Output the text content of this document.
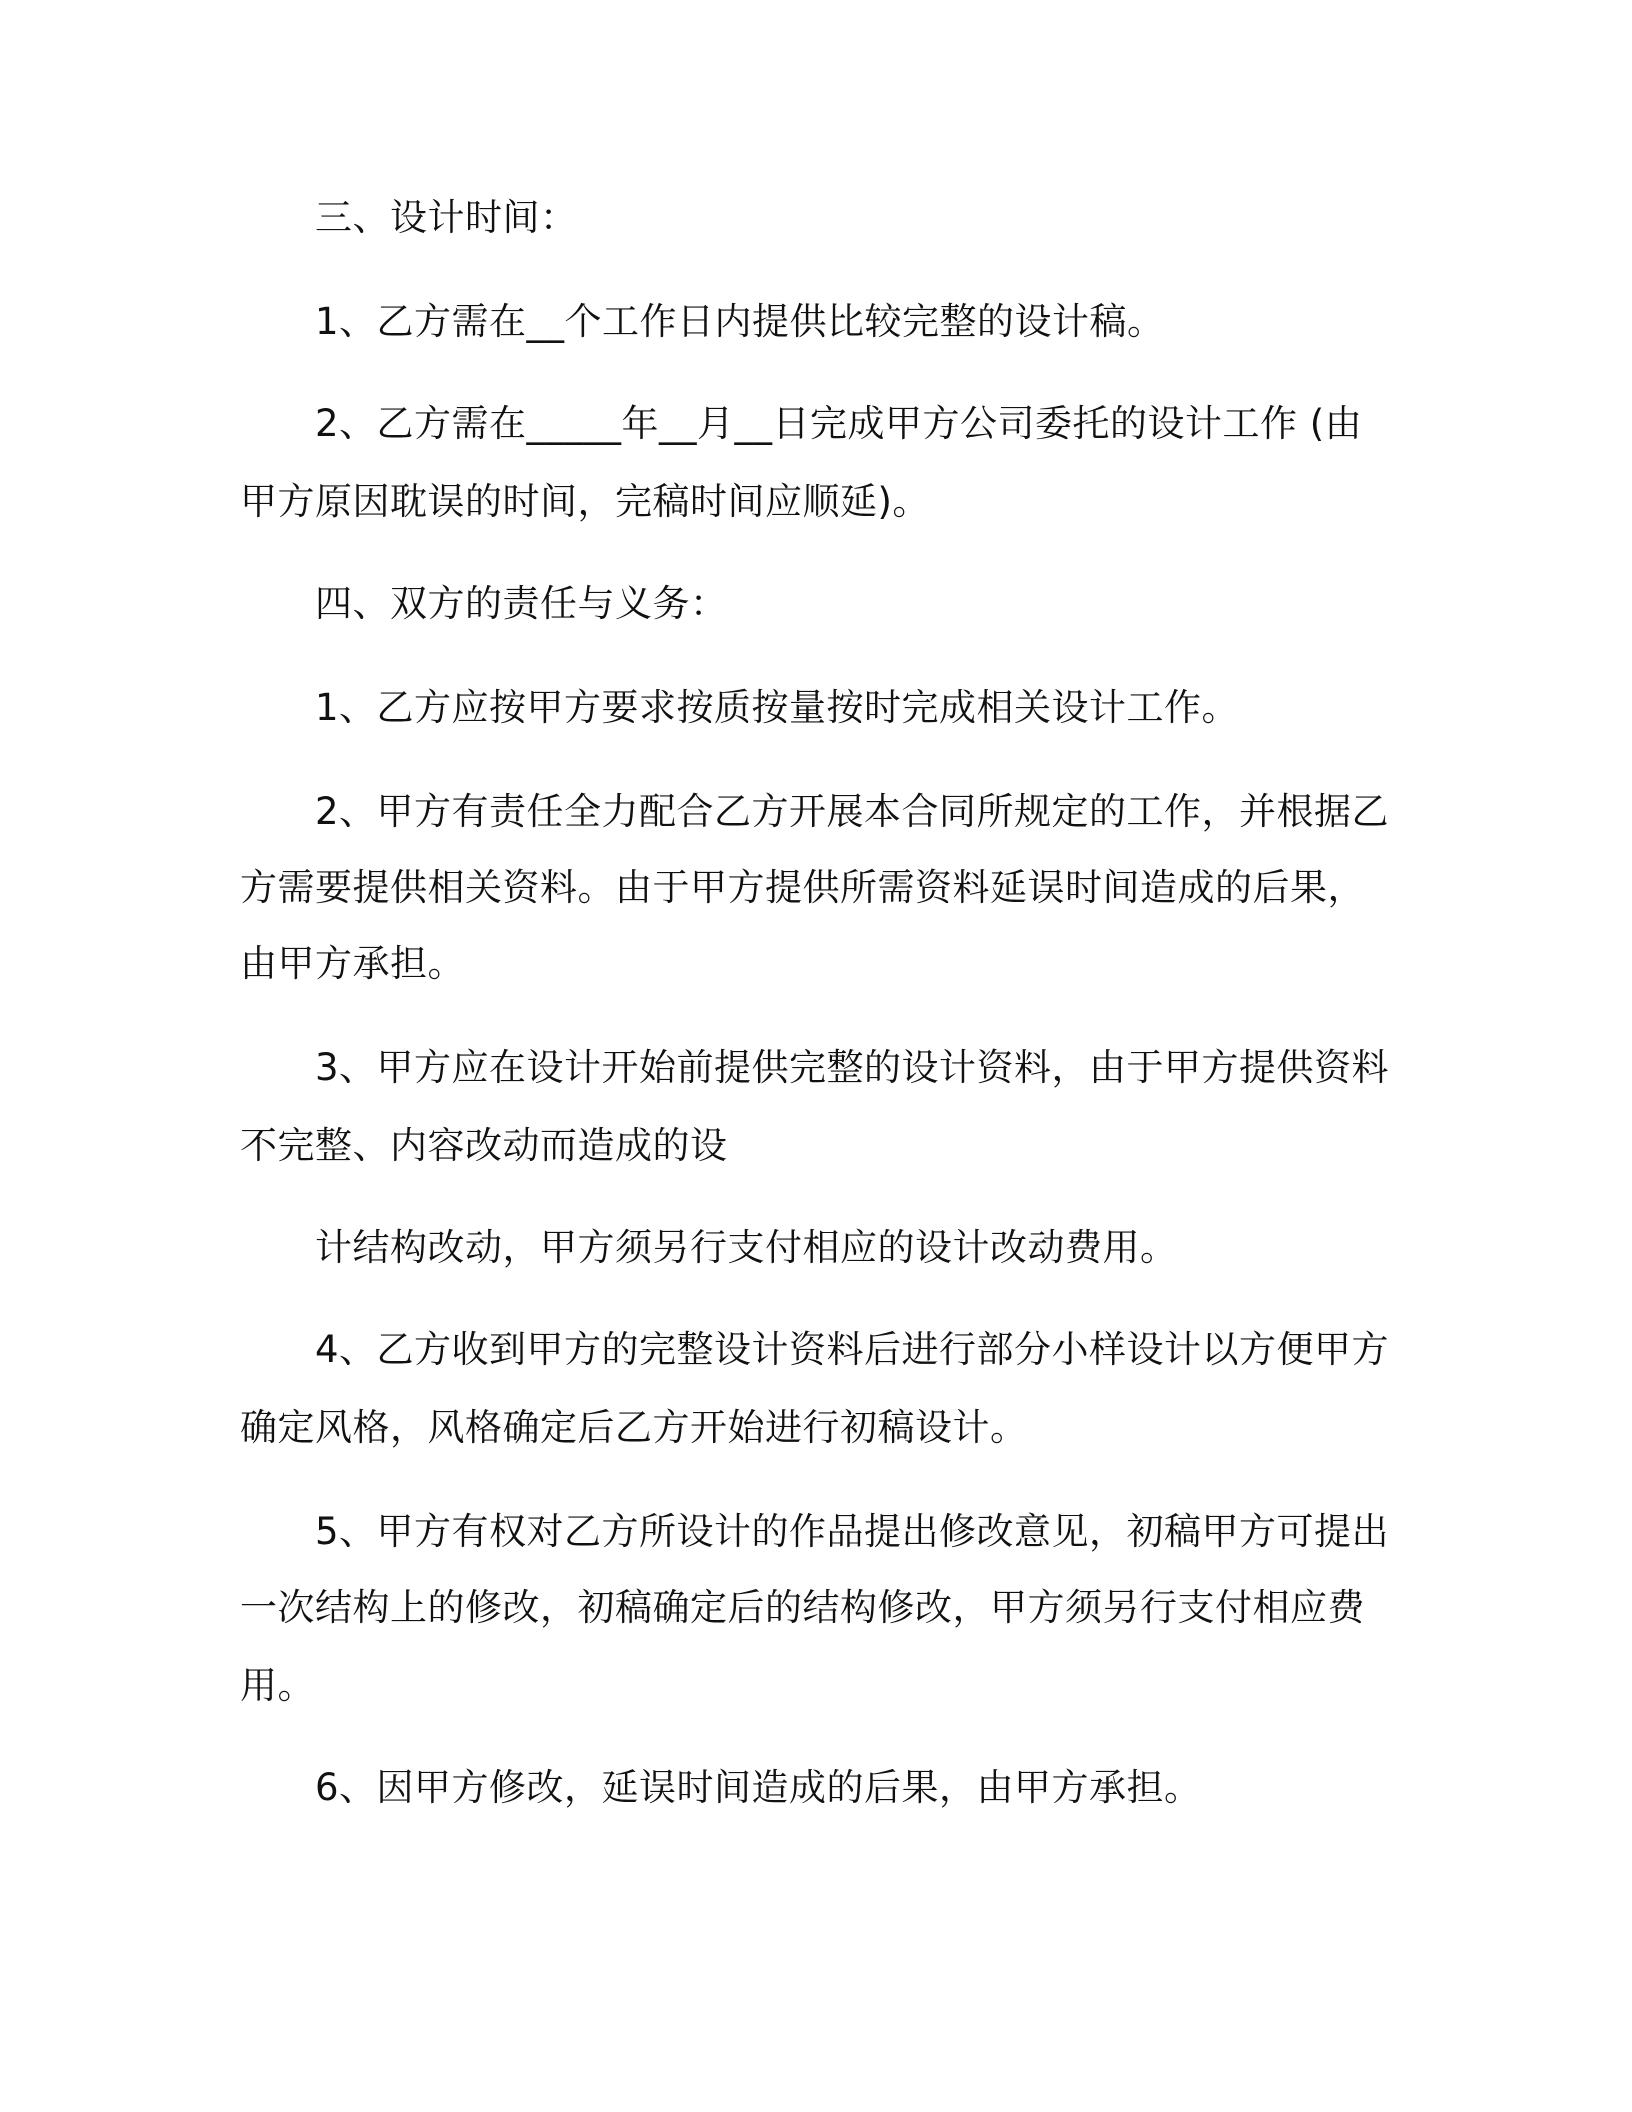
三、设计时间：
1、乙方需在__个工作日内提供比较完整的设计稿。
2、乙方需在_____年__月__日完成甲方公司委托的设计工作 (由
甲方原因耽误的时间，完稿时间应顺延)。
四、双方的责任与义务：
1、乙方应按甲方要求按质按量按时完成相关设计工作。
2、甲方有责任全力配合乙方开展本合同所规定的工作，并根据乙
方需要提供相关资料。由于甲方提供所需资料延误时间造成的后果，
由甲方承担。
3、甲方应在设计开始前提供完整的设计资料，由于甲方提供资料
不完整、内容改动而造成的设
计结构改动，甲方须另行支付相应的设计改动费用。
4、乙方收到甲方的完整设计资料后进行部分小样设计以方便甲方
确定风格，风格确定后乙方开始进行初稿设计。
5、甲方有权对乙方所设计的作品提出修改意见，初稿甲方可提出
一次结构上的修改，初稿确定后的结构修改，甲方须另行支付相应费
用。
6、因甲方修改，延误时间造成的后果，由甲方承担。
